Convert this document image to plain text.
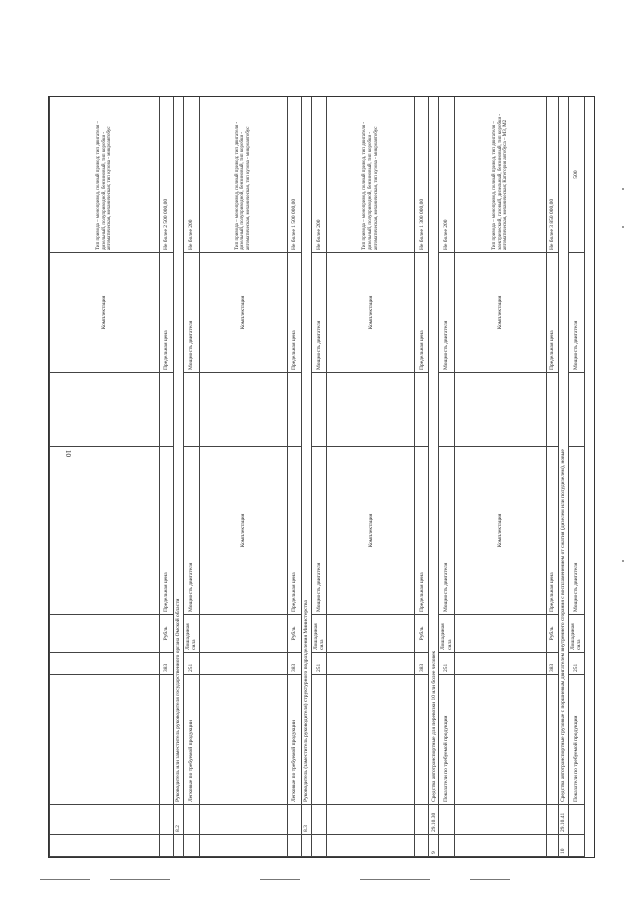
10
							Комплектация	Тип привода – монопривод, полный привод; тип двигателя – дизельный, полуприводной, бензиновый, тип коробки - автоматическая, механическая; тип кузова - микроавтобус
			383	Рубль	Предельная цена		Предельная цена	Не более 2 500 000,00
	8.2	Руководитель или заместитель руководителя государственного органа Омской области						
		Легковые по требуемой продукции	251	Лошадиная сила	Мощность двигателя		Мощность двигателя	Не более 200
					Комплектация		Комплектация	Тип привода – монопривод, полный привод; тип двигателя - дизельный, полуприводной, бензиновый, тип коробки - автоматическая, механическая, тип кузова - микроавтобус
		Легковые по требуемой продукции	383	Рубль	Предельная цена		Предельная цена	Не более 1 500 000,00
	8.3	Руководитель (заместитель руководителя) структурного подразделения Министерства						
			251	Лошадиная сила	Мощность двигателя		Мощность двигателя	Не более 200
					Комплектация		Комплектация	Тип привода – монопривод, полный привод, тип двигателя - дизельный, полуприводной, бензиновый, тип коробки - автоматическая, механическая, тип кузова - микроавтобус
			383	Рубль	Предельная цена		Предельная цена	Не более 1 300 000,00
9	29.10.30	Средства автотранспортные для перевозки 10 или более человек						
		Показатели по требуемой продукции	251	Лошадиная сила	Мощность двигателя		Мощность двигателя	Не более 200
					Комплектация		Комплектация	Тип привода – монопривод, полный привод, тип двигателя – электрический, газовый, дизельный, бензиновый, тип коробки - автоматическая, механическая; Категория автобуса – М3, М2
			383	Рубль	Предельная цена		Предельная цена	Не более 3 850 000,00
10	29.10.41	Средства автотранспортные грузовые с поршневым двигателем внутреннего сгорания с воспламенением от сжатия (дизелем или полудизелем), новые						
		Показатели по требуемой продукции	251	Лошадиная сила	Мощность двигателя		Мощность двигателя	500
